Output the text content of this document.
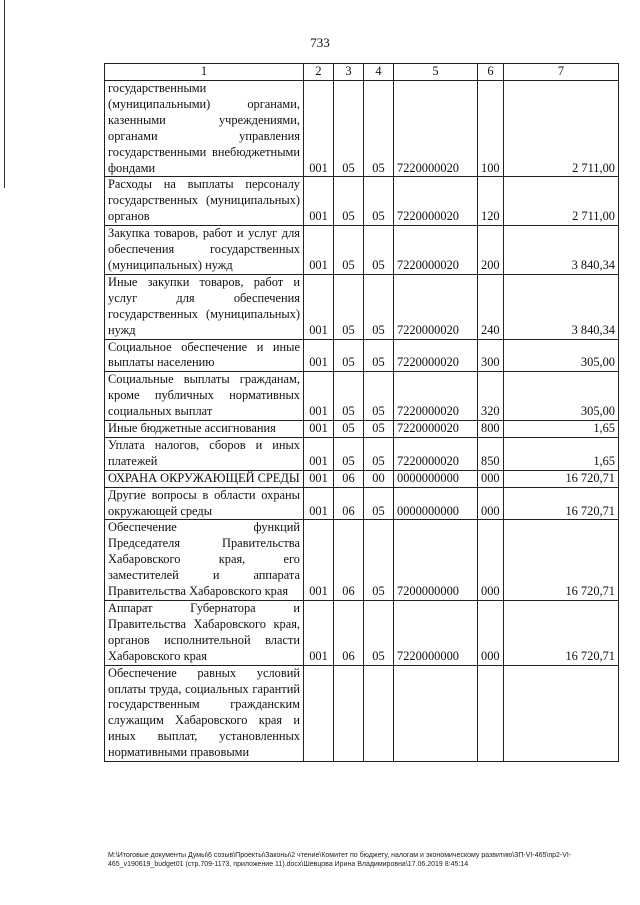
733
1	2	3	4	5	6	7
государственными (муниципальными) органами, казенными учреждениями, органами управления государственными внебюджетными фондами	001	05	05	7220000020	100	2 711,00
Расходы на выплаты персоналу государственных (муниципальных) органов	001	05	05	7220000020	120	2 711,00
Закупка товаров, работ и услуг для обеспечения государственных (муниципальных) нужд	001	05	05	7220000020	200	3 840,34
Иные закупки товаров, работ и услуг для обеспечения государственных (муниципальных) нужд	001	05	05	7220000020	240	3 840,34
Социальное обеспечение и иные выплаты населению	001	05	05	7220000020	300	305,00
Социальные выплаты гражданам, кроме публичных нормативных социальных выплат	001	05	05	7220000020	320	305,00
Иные бюджетные ассигнования	001	05	05	7220000020	800	1,65
Уплата налогов, сборов и иных платежей	001	05	05	7220000020	850	1,65
ОХРАНА ОКРУЖАЮЩЕЙ СРЕДЫ	001	06	00	0000000000	000	16 720,71
Другие вопросы в области охраны окружающей среды	001	06	05	0000000000	000	16 720,71
Обеспечение функций Председателя Правительства Хабаровского края, его заместителей и аппарата Правительства Хабаровского края	001	06	05	7200000000	000	16 720,71
Аппарат Губернатора и Правительства Хабаровского края, органов исполнительной власти Хабаровского края	001	06	05	7220000000	000	16 720,71
Обеспечение равных условий оплаты труда, социальных гарантий государственным гражданским служащим Хабаровского края и иных выплат, установленных нормативными правовыми						
М:\Итоговые документы Думы\6 созыв\Проекты\Законы\2 чтение\Комитет по бюджету, налогам и экономическому развитию\ЗП-VI-465\пр2-VI-
465_v190619_budget01 (стр.709-1173, приложение 11).docx\Шевцова Ирина Владимировна\17.06.2019 8:45:14
